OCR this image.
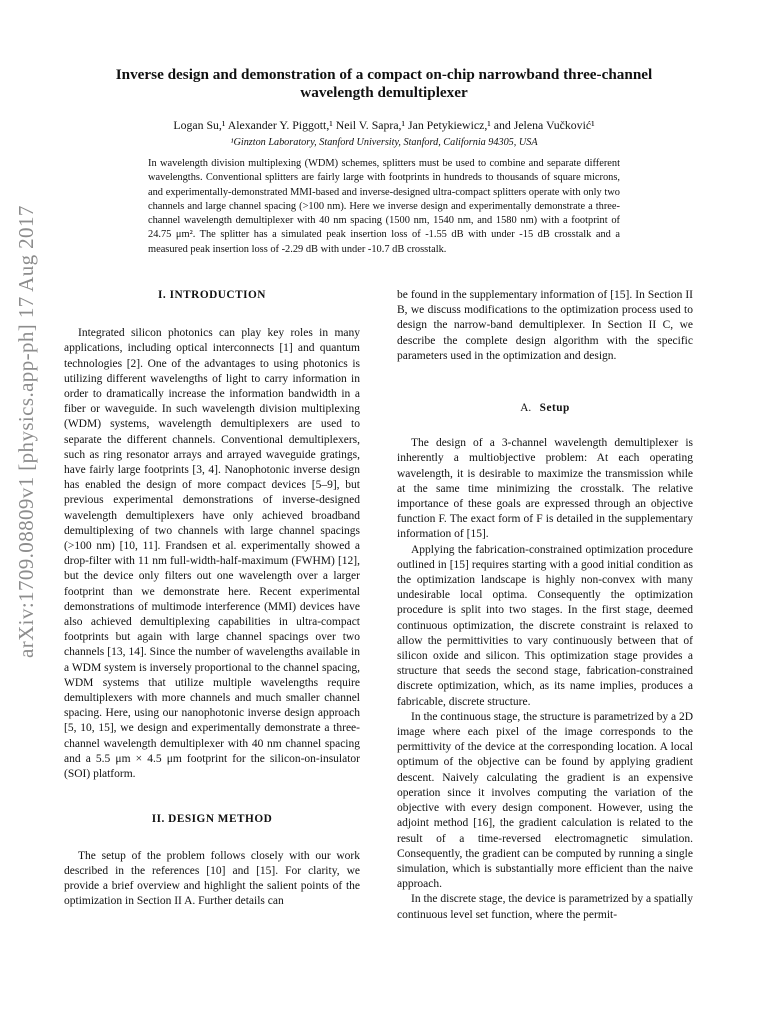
arXiv:1709.08809v1 [physics.app-ph] 17 Aug 2017
Inverse design and demonstration of a compact on-chip narrowband three-channel
wavelength demultiplexer
Logan Su,¹ Alexander Y. Piggott,¹ Neil V. Sapra,¹ Jan Petykiewicz,¹ and Jelena Vučković¹
¹Ginzton Laboratory, Stanford University, Stanford, California 94305, USA
In wavelength division multiplexing (WDM) schemes, splitters must be used to combine and separate different wavelengths. Conventional splitters are fairly large with footprints in hundreds to thousands of square microns, and experimentally-demonstrated MMI-based and inverse-designed ultra-compact splitters operate with only two channels and large channel spacing (>100 nm). Here we inverse design and experimentally demonstrate a three-channel wavelength demultiplexer with 40 nm spacing (1500 nm, 1540 nm, and 1580 nm) with a footprint of 24.75 μm². The splitter has a simulated peak insertion loss of -1.55 dB with under -15 dB crosstalk and a measured peak insertion loss of -2.29 dB with under -10.7 dB crosstalk.
I. INTRODUCTION

Integrated silicon photonics can play key roles in many applications, including optical interconnects [1] and quantum technologies [2]. One of the advantages to using photonics is utilizing different wavelengths of light to carry information in order to dramatically increase the information bandwidth in a fiber or waveguide. In such wavelength division multiplexing (WDM) systems, wavelength demultiplexers are used to separate the different channels. Conventional demultiplexers, such as ring resonator arrays and arrayed waveguide gratings, have fairly large footprints [3, 4]. Nanophotonic inverse design has enabled the design of more compact devices [5–9], but previous experimental demonstrations of inverse-designed wavelength demultiplexers have only achieved broadband demultiplexing of two channels with large channel spacings (>100 nm) [10, 11]. Frandsen et al. experimentally showed a drop-filter with 11 nm full-width-half-maximum (FWHM) [12], but the device only filters out one wavelength over a larger footprint than we demonstrate here. Recent experimental demonstrations of multimode interference (MMI) devices have also achieved demultiplexing capabilities in ultra-compact footprints but again with large channel spacings over two channels [13, 14]. Since the number of wavelengths available in a WDM system is inversely proportional to the channel spacing, WDM systems that utilize multiple wavelengths require demultiplexers with more channels and much smaller channel spacing. Here, using our nanophotonic inverse design approach [5, 10, 15], we design and experimentally demonstrate a three-channel wavelength demultiplexer with 40 nm channel spacing and a 5.5 μm × 4.5 μm footprint for the silicon-on-insulator (SOI) platform.

II. DESIGN METHOD

The setup of the problem follows closely with our work described in the references [10] and [15]. For clarity, we provide a brief overview and highlight the salient points of the optimization in Section II A. Further details can

be found in the supplementary information of [15]. In Section II B, we discuss modifications to the optimization process used to design the narrow-band demultiplexer. In Section II C, we describe the complete design algorithm with the specific parameters used in the optimization and design.

A. Setup

The design of a 3-channel wavelength demultiplexer is inherently a multiobjective problem: At each operating wavelength, it is desirable to maximize the transmission while at the same time minimizing the crosstalk. The relative importance of these goals are expressed through an objective function F. The exact form of F is detailed in the supplementary information of [15].

Applying the fabrication-constrained optimization procedure outlined in [15] requires starting with a good initial condition as the optimization landscape is highly non-convex with many undesirable local optima. Consequently the optimization procedure is split into two stages. In the first stage, deemed continuous optimization, the discrete constraint is relaxed to allow the permittivities to vary continuously between that of silicon oxide and silicon. This optimization stage provides a structure that seeds the second stage, fabrication-constrained discrete optimization, which, as its name implies, produces a fabricable, discrete structure.

In the continuous stage, the structure is parametrized by a 2D image where each pixel of the image corresponds to the permittivity of the device at the corresponding location. A local optimum of the objective can be found by applying gradient descent. Naively calculating the gradient is an expensive operation since it involves computing the variation of the objective with every design component. However, using the adjoint method [16], the gradient calculation is related to the result of a time-reversed electromagnetic simulation. Consequently, the gradient can be computed by running a single simulation, which is substantially more efficient than the naive approach.

In the discrete stage, the device is parametrized by a spatially continuous level set function, where the permit-
